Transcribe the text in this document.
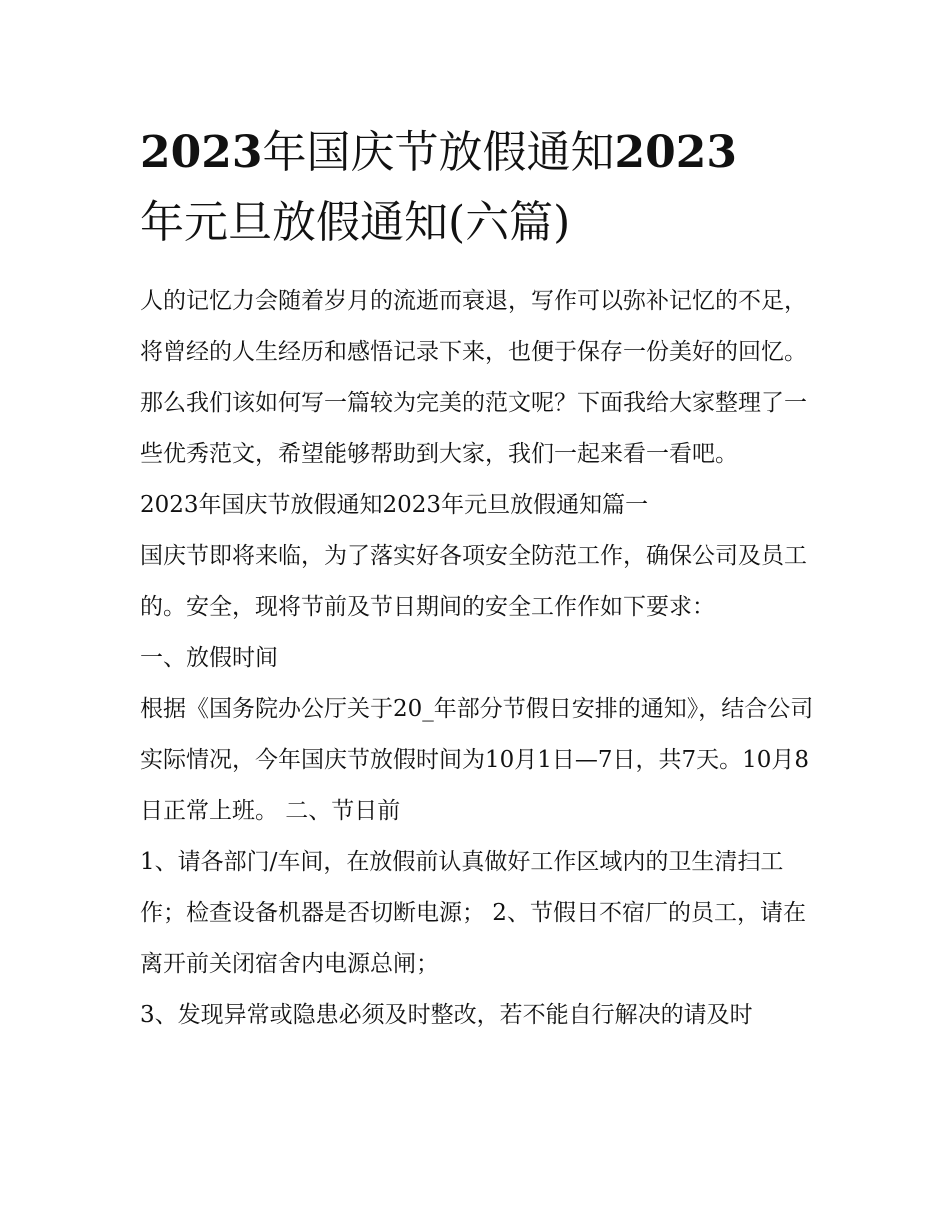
2023年国庆节放假通知2023
年元旦放假通知(六篇)

人的记忆力会随着岁月的流逝而衰退，写作可以弥补记忆的不足，将曾经的人生经历和感悟记录下来，也便于保存一份美好的回忆。那么我们该如何写一篇较为完美的范文呢？下面我给大家整理了一些优秀范文，希望能够帮助到大家，我们一起来看一看吧。

2023年国庆节放假通知2023年元旦放假通知篇一

国庆节即将来临，为了落实好各项安全防范工作，确保公司及员工的。安全，现将节前及节日期间的安全工作作如下要求：

一、放假时间

根据《国务院办公厅关于20_年部分节假日安排的通知》，结合公司实际情况，今年国庆节放假时间为10月1日—7日，共7天。10月8日正常上班。 二、节日前

1、请各部门/车间，在放假前认真做好工作区域内的卫生清扫工作；检查设备机器是否切断电源； 2、节假日不宿厂的员工，请在离开前关闭宿舍内电源总闸；

3、发现异常或隐患必须及时整改，若不能自行解决的请及时
